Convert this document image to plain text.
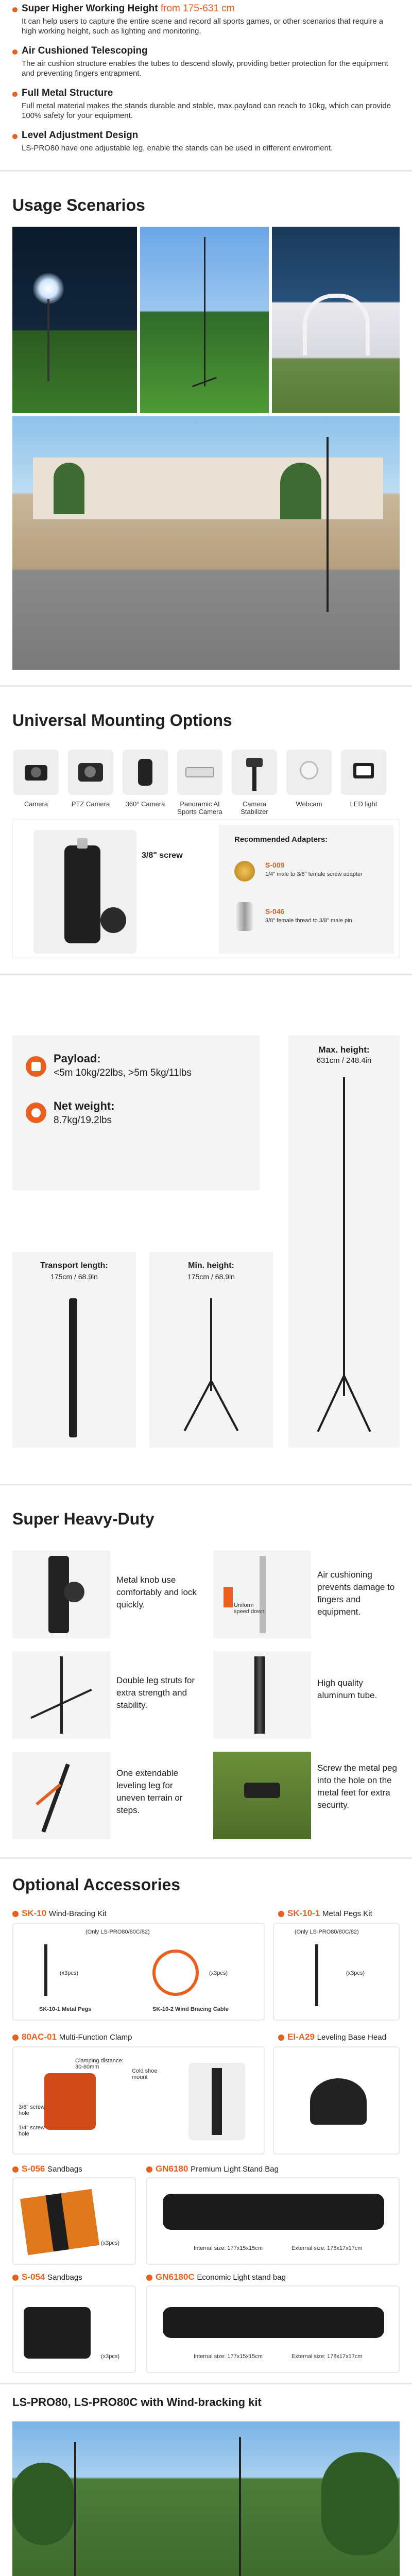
Super Higher Working Height from 175-631 cm
It can help users to capture the entire scene and record all sports games, or other scenarios that require a high working height, such as lighting and monitoring.
Air Cushioned Telescoping
The air cushion structure enables the tubes to descend slowly, providing better protection for the equipment and preventing fingers entrapment.
Full Metal Structure
Full metal material makes the stands durable and stable, max.payload can reach to 10kg, which can provide 100% safety for your equipment.
Level Adjustment Design
LS-PRO80 have one adjustable leg, enable the stands can be used in different enviroment.
Usage Scenarios
Universal Mounting Options
Camera	PTZ Camera	360° Camera	Panoramic AI Sports Camera
Camera Stabilizer
Webcam	LED light
3/8" screw
Recommended Adapters:
S-009
1/4" male to 3/8" female screw adapter
S-046
3/8" female thread to 3/8" male pin
Payload:
<5m 10kg/22lbs, >5m 5kg/11lbs
Net weight:
8.7kg/19.2lbs
Max. height:
631cm / 248.4in
Transport length:
175cm / 68.9in
Min. height:
175cm / 68.9in
Super Heavy-Duty
Metal knob use comfortably and lock quickly.	Uniform speed down
Air cushioning prevents damage to fingers and equipment.
Double leg struts for extra strength and stability.
High quality aluminum tube.
One extendable leveling leg for uneven terrain or steps.
Screw the metal peg into the hole on the metal feet for extra security.
Optional Accessories
SK-10 Wind-Bracing Kit
(Only LS-PRO80/80C/82)
(x3pcs)	(x3pcs)
SK-10-1 Metal Pegs	SK-10-2 Wind Bracing Cable
SK-10-1 Metal Pegs Kit
(Only LS-PRO80/80C/82)
(x3pcs)
80AC-01 Multi-Function Clamp
Clamping distance: 30-60mm
Cold shoe mount
3/8" screw hole
1/4" screw hole
EI-A29 Leveling Base Head
S-056 Sandbags
(x3pcs)
GN6180 Premium Light Stand Bag
Internal size: 177x15x15cm	External size: 178x17x17cm
S-054 Sandbags
(x3pcs)
GN6180C Economic Light stand bag
Internal size: 177x15x15cm	External size: 178x17x17cm
LS-PRO80, LS-PRO80C with Wind-bracking kit
